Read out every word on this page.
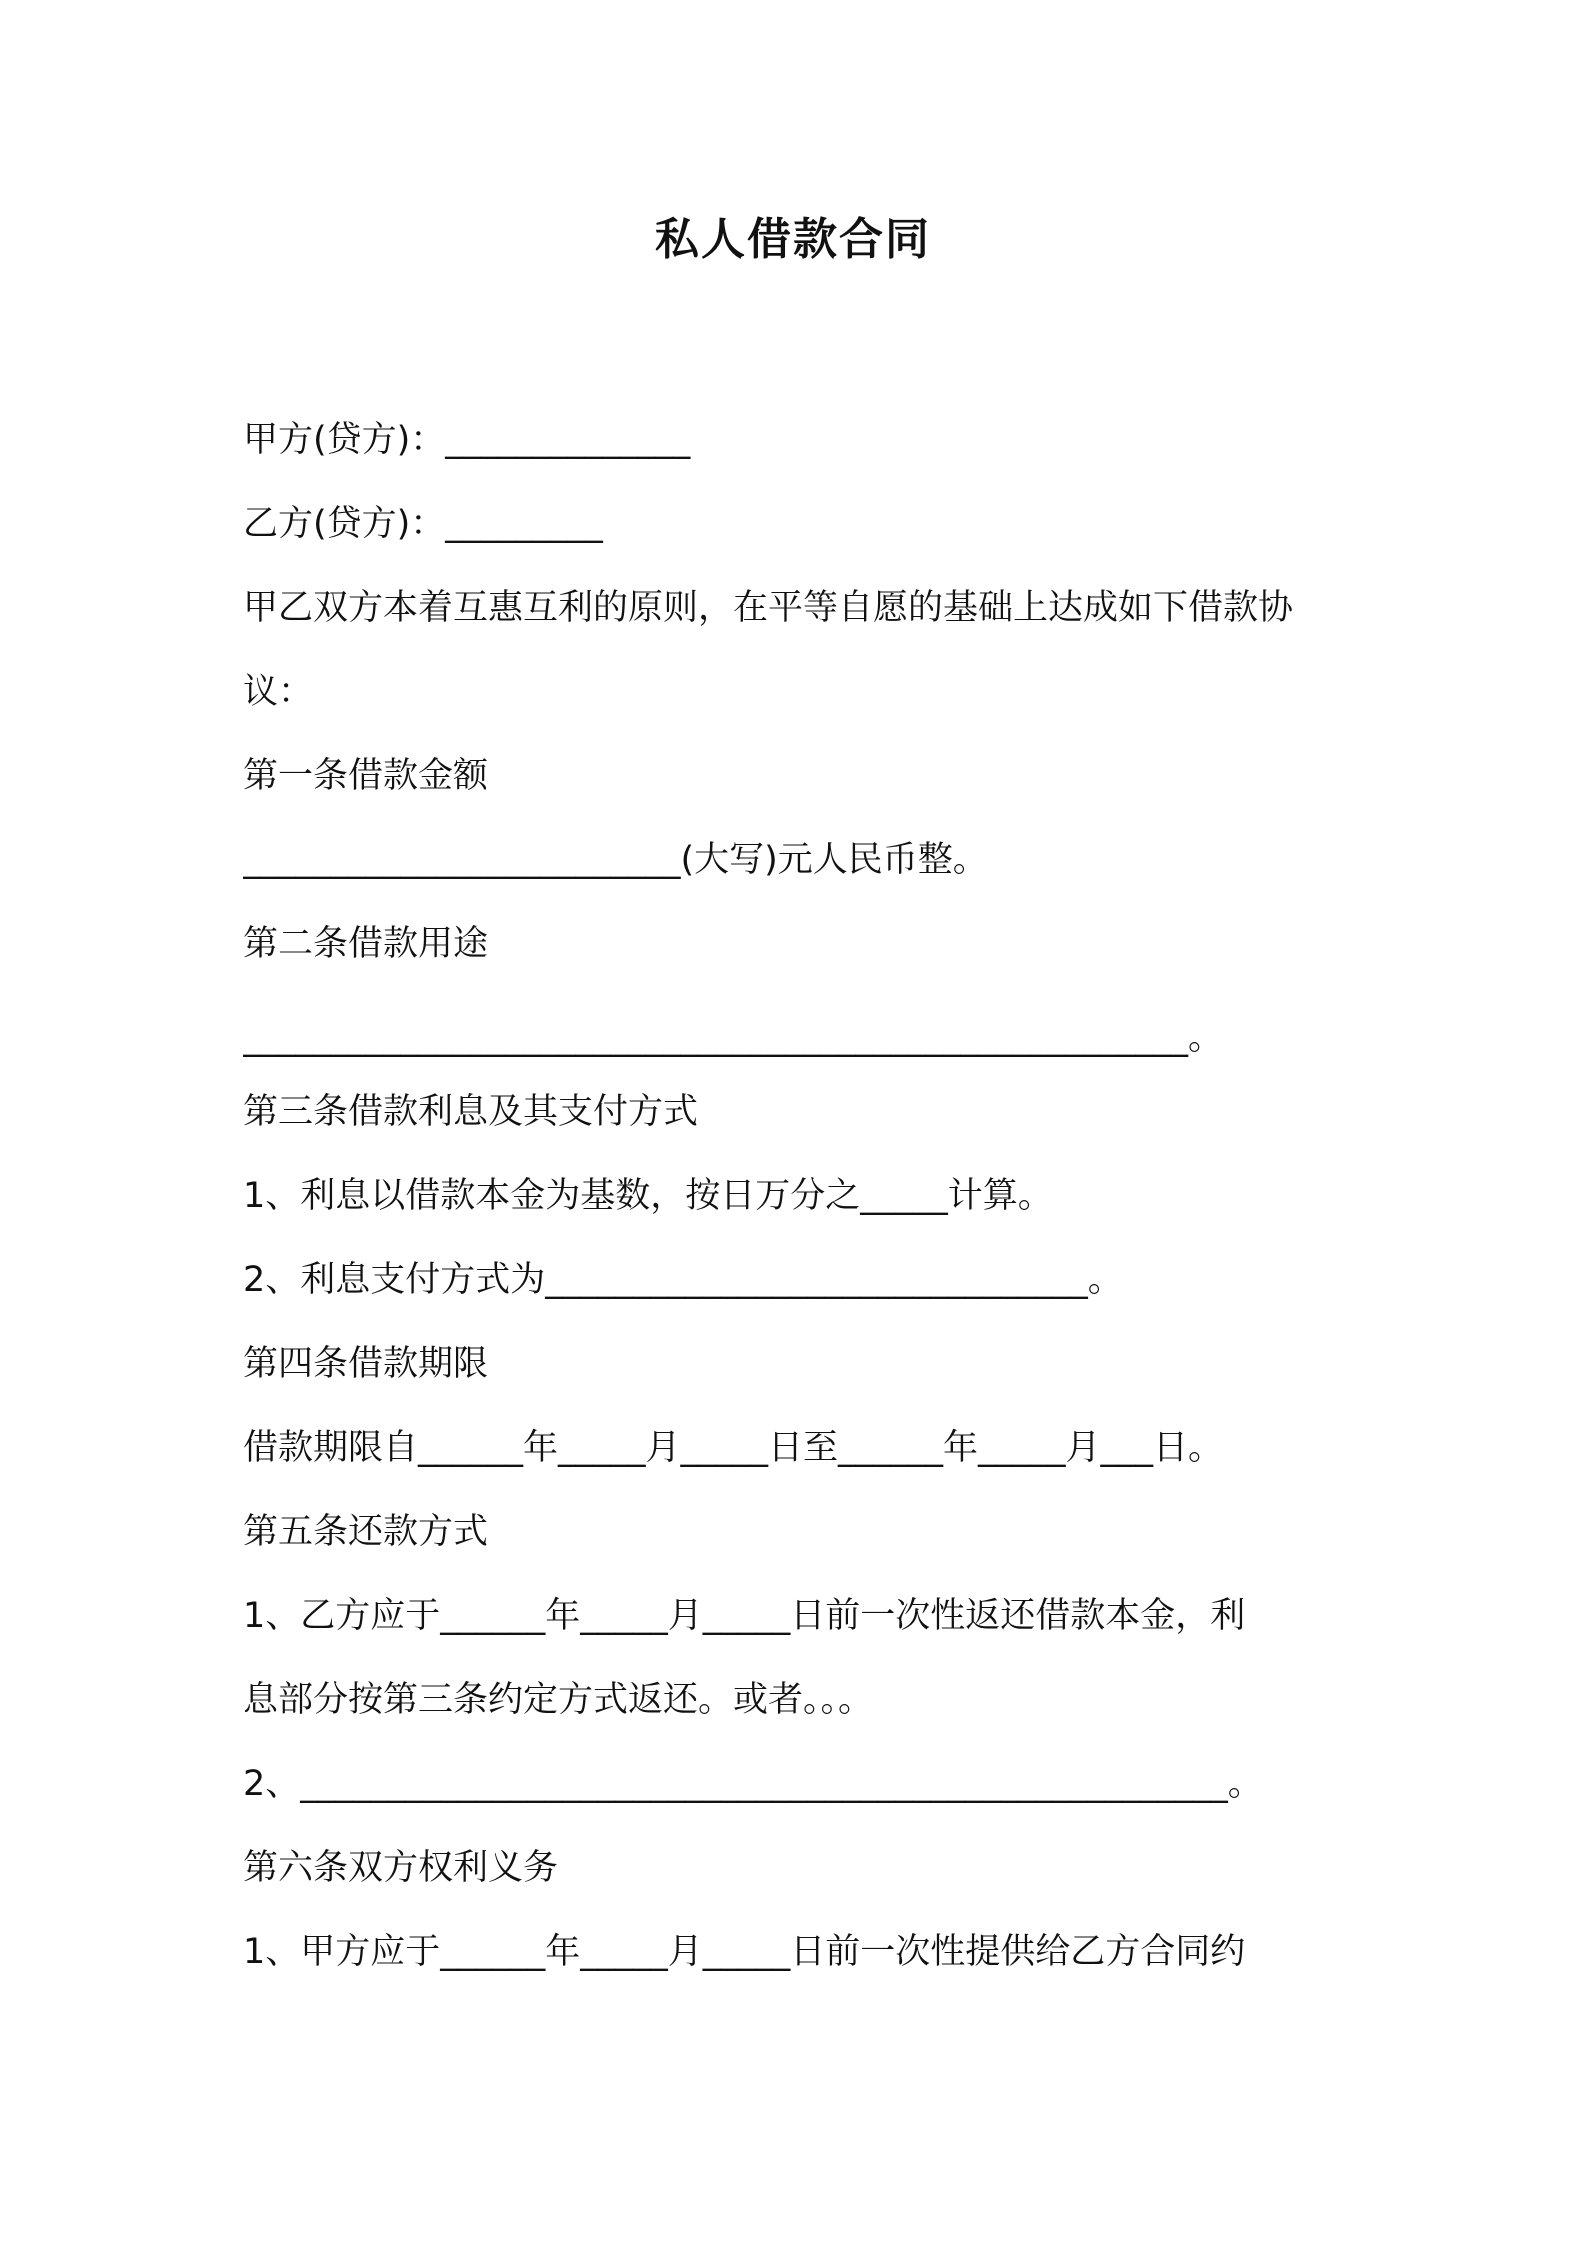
私人借款合同
甲方(贷方)：______________
乙方(贷方)：_________
甲乙双方本着互惠互利的原则，在平等自愿的基础上达成如下借款协
议：
第一条借款金额
_________________________(大写)元人民币整。
第二条借款用途
______________________________________________________。
第三条借款利息及其支付方式
1、利息以借款本金为基数，按日万分之_____计算。
2、利息支付方式为_______________________________。
第四条借款期限
借款期限自______年_____月_____日至______年_____月___日。
第五条还款方式
1、乙方应于______年_____月_____日前一次性返还借款本金，利
息部分按第三条约定方式返还。或者。。。
2、_____________________________________________________。
第六条双方权利义务
1、甲方应于______年_____月_____日前一次性提供给乙方合同约
